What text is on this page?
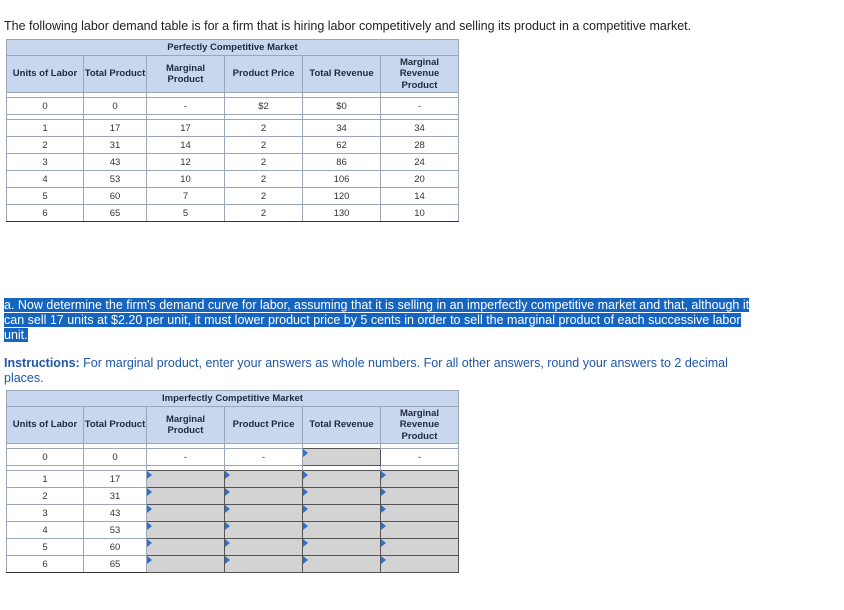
The following labor demand table is for a firm that is hiring labor competitively and selling its product in a competitive market.
Perfectly Competitive Market					
Units of Labor	Total Product	Marginal Product	Product Price	Total Revenue	Marginal Revenue Product

0	0	-	$2	$0	-

1	17	17	2	34	34
2	31	14	2	62	28
3	43	12	2	86	24
4	53	10	2	106	20
5	60	7	2	120	14
6	65	5	2	130	10
a. Now determine the firm's demand curve for labor, assuming that it is selling in an imperfectly competitive market and that, although it can sell 17 units at $2.20 per unit, it must lower product price by 5 cents in order to sell the marginal product of each successive labor unit.
Instructions: For marginal product, enter your answers as whole numbers. For all other answers, round your answers to 2 decimal places.
Imperfectly Competitive Market					
Units of Labor	Total Product	Marginal Product	Product Price	Total Revenue	Marginal Revenue Product

0	0	-	-		-

1	17				
2	31				
3	43				
4	53				
5	60				
6	65				
